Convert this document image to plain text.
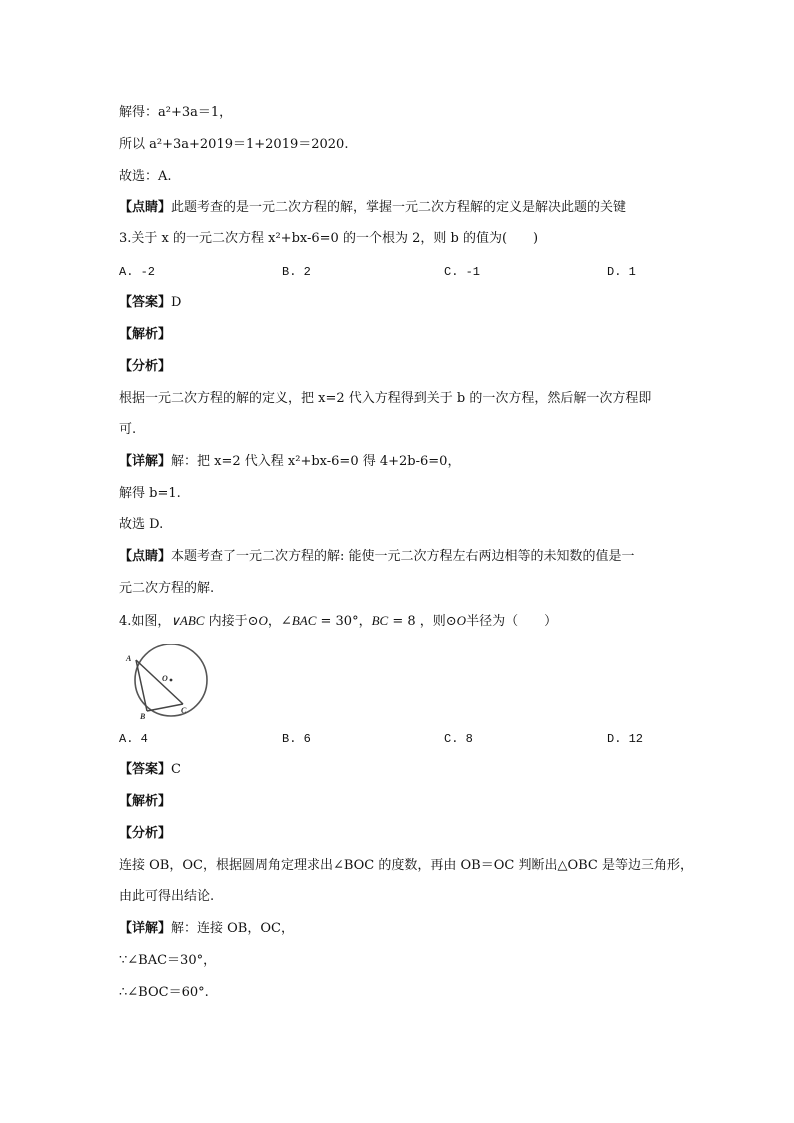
解得：a²+3a＝1，
所以 a²+3a+2019＝1+2019＝2020.
故选：A.
【点睛】此题考查的是一元二次方程的解，掌握一元二次方程解的定义是解决此题的关键
3.关于 x 的一元二次方程 x²+bx-6=0 的一个根为 2，则 b 的值为(　　)
A. -2	B. 2	C. -1	D. 1
【答案】D
【解析】
【分析】
根据一元二次方程的解的定义，把 x=2 代入方程得到关于 b 的一次方程，然后解一次方程即
可.
【详解】解：把 x=2 代入程 x²+bx-6=0 得 4+2b-6=0，
解得 b=1.
故选 D.
【点睛】本题考查了一元二次方程的解: 能使一元二次方程左右两边相等的未知数的值是一
元二次方程的解.
4.如图，∨ABC 内接于⊙O，∠BAC = 30°，BC = 8 ，则⊙O半径为（　　）
A
O
B
C
A. 4	B. 6	C. 8	D. 12
【答案】C
【解析】
【分析】
连接 OB，OC，根据圆周角定理求出∠BOC 的度数，再由 OB＝OC 判断出△OBC 是等边三角形，
由此可得出结论.
【详解】解：连接 OB，OC，
∵∠BAC＝30°，
∴∠BOC＝60°.
